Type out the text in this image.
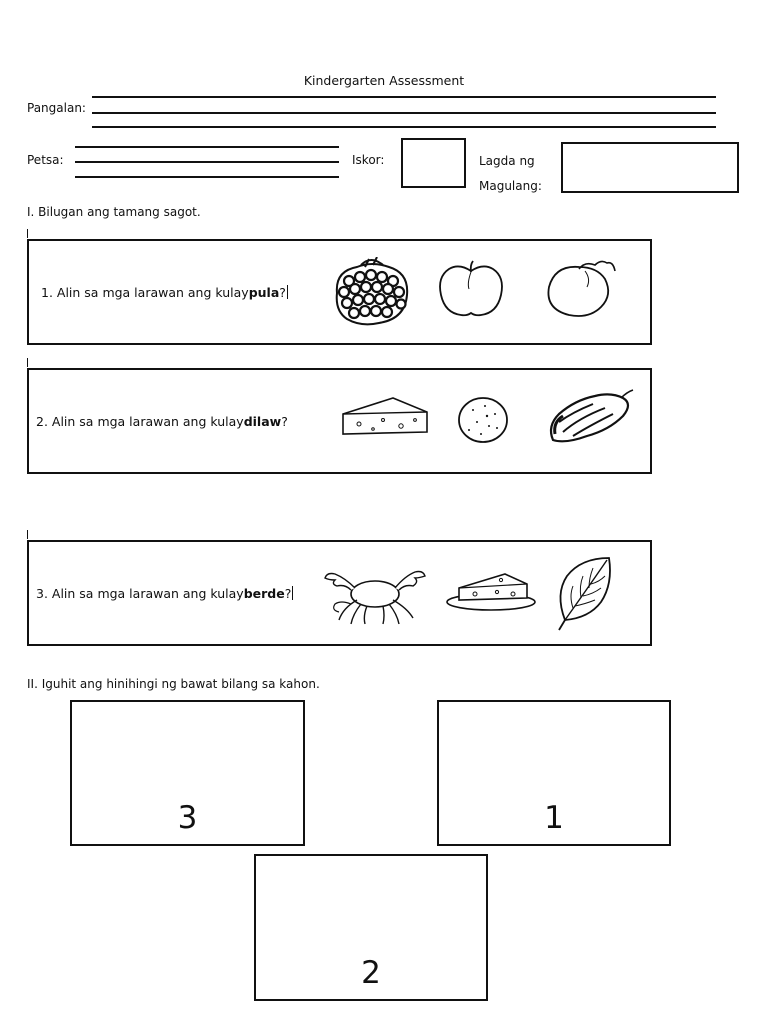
Kindergarten Assessment
Pangalan:
Petsa:	Iskor:	Lagda ng
Magulang:
I. Bilugan ang tamang sagot.
1. Alin sa mga larawan ang kulay pula ?
2. Alin sa mga larawan ang kulay dilaw ?
3. Alin sa mga larawan ang kulay berde ?
II. Iguhit ang hinihingi ng bawat bilang sa kahon.
3	1
2
